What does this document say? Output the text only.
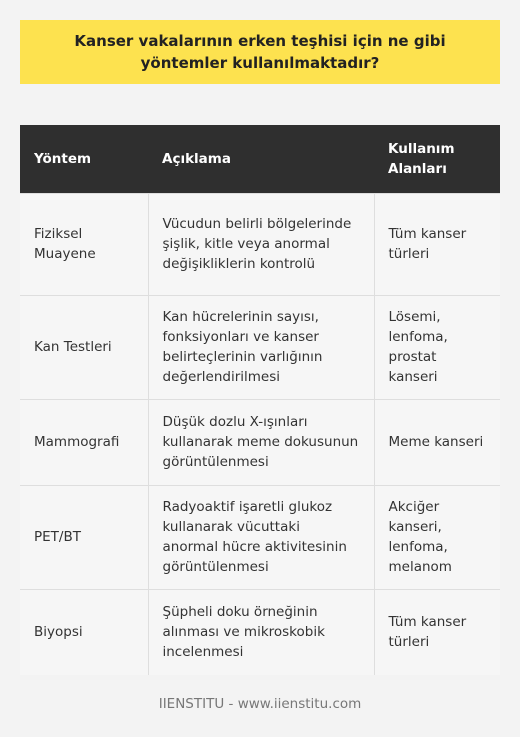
Kanser vakalarının erken teşhisi için ne gibi yöntemler kullanılmaktadır?
Yöntem	Açıklama	Kullanım Alanları
Fiziksel Muayene	Vücudun belirli bölgelerinde şişlik, kitle veya anormal değişikliklerin kontrolü	Tüm kanser türleri
Kan Testleri	Kan hücrelerinin sayısı, fonksiyonları ve kanser belirteçlerinin varlığının değerlendirilmesi	Lösemi, lenfoma, prostat kanseri
Mammografi	Düşük dozlu X-ışınları kullanarak meme dokusunun görüntülenmesi	Meme kanseri
PET/BT	Radyoaktif işaretli glukoz kullanarak vücuttaki anormal hücre aktivitesinin görüntülenmesi	Akciğer kanseri, lenfoma, melanom
Biyopsi	Şüpheli doku örneğinin alınması ve mikroskobik incelenmesi	Tüm kanser türleri
IIENSTITU - www.iienstitu.com
